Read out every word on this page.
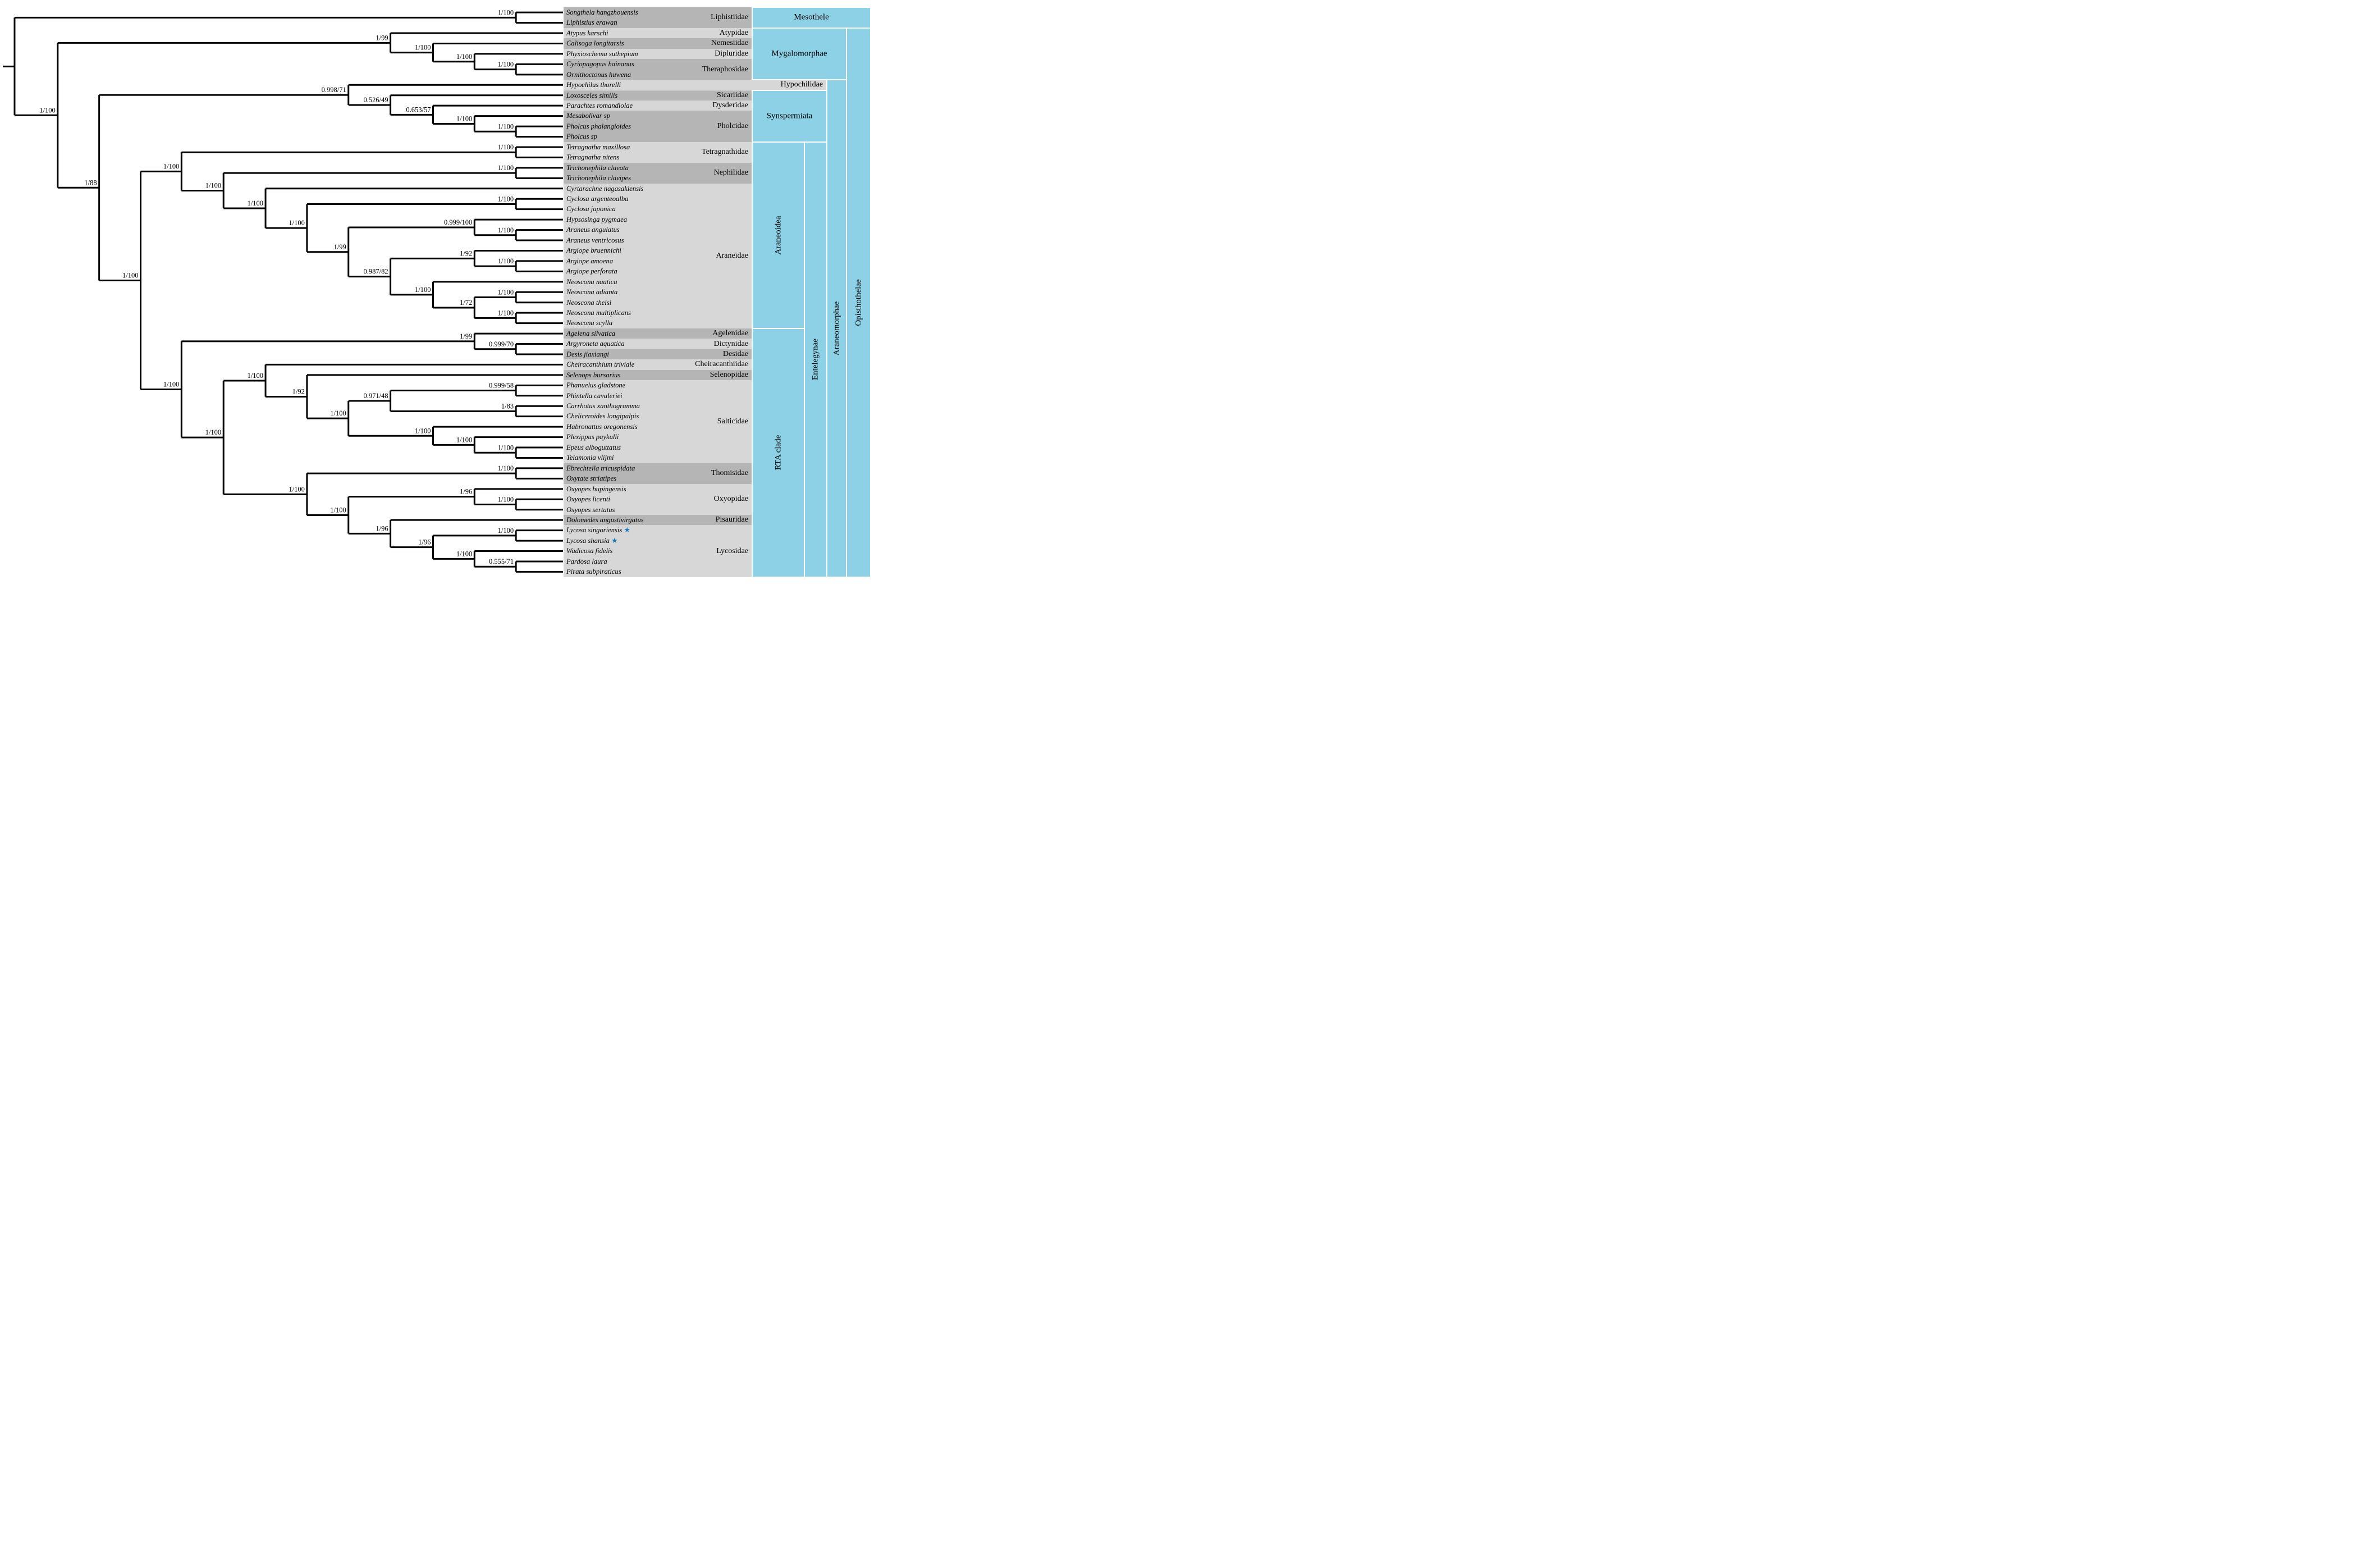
1/100
1/100
1/100
1/100
1/99
1/100
1/100
0.653/57
0.526/49
0.998/71
1/100
1/100
1/100
1/100
0.999/100
1/100
1/92
1/100
1/100
1/72
1/100
0.987/82
1/99
1/100
1/100
1/100
1/100
0.999/70
1/99
0.999/58
1/83
0.971/48
1/100
1/100
1/100
1/100
1/92
1/100
1/100
1/100
1/96
1/100
0.555/71
1/100
1/96
1/96
1/100
1/100
1/100
1/100
1/100
1/88
1/100
Liphistiidae
Atypidae
Nemesiidae
Dipluridae
Theraphosidae
Hypochilidae
Sicariidae
Dysderidae
Pholcidae
Tetragnathidae
Nephilidae
Araneidae
Agelenidae
Dictynidae
Desidae
Cheiracanthiidae
Selenopidae
Salticidae
Thomisidae
Oxyopidae
Pisauridae
Lycosidae
Songthela hangzhouensis
Liphistius erawan
Atypus karschi
Calisoga longitarsis
Phyxioschema suthepium
Cyriopagopus hainanus
Ornithoctonus huwena
Hypochilus thorelli
Loxosceles similis
Parachtes romandiolae
Mesabolivar sp
Pholcus phalangioides
Pholcus sp
Tetragnatha maxillosa
Tetragnatha nitens
Trichonephila clavata
Trichonephila clavipes
Cyrtarachne nagasakiensis
Cyclosa argenteoalba
Cyclosa japonica
Hypsosinga pygmaea
Araneus angulatus
Araneus ventricosus
Argiope bruennichi
Argiope amoena
Argiope perforata
Neoscona nautica
Neoscona adianta
Neoscona theisi
Neoscona multiplicans
Neoscona scylla
Agelena silvatica
Argyroneta aquatica
Desis jiaxiangi
Cheiracanthium triviale
Selenops bursarius
Phanuelus gladstone
Phintella cavaleriei
Carrhotus xanthogramma
Cheliceroides longipalpis
Habronattus oregonensis
Plexippus paykulli
Epeus alboguttatus
Telamonia vlijmi
Ebrechtella tricuspidata
Oxytate striatipes
Oxyopes hupingensis
Oxyopes licenti
Oxyopes sertatus
Dolomedes angustivirgatus
Lycosa singoriensis ★
Lycosa shansia ★
Wadicosa fidelis
Pardosa laura
Pirata subpiraticus
Mesothele
Mygalomorphae
Synspermiata
Araneoidea
RTA clade
Entelegynae
Araneomorphae Opisthothelae
